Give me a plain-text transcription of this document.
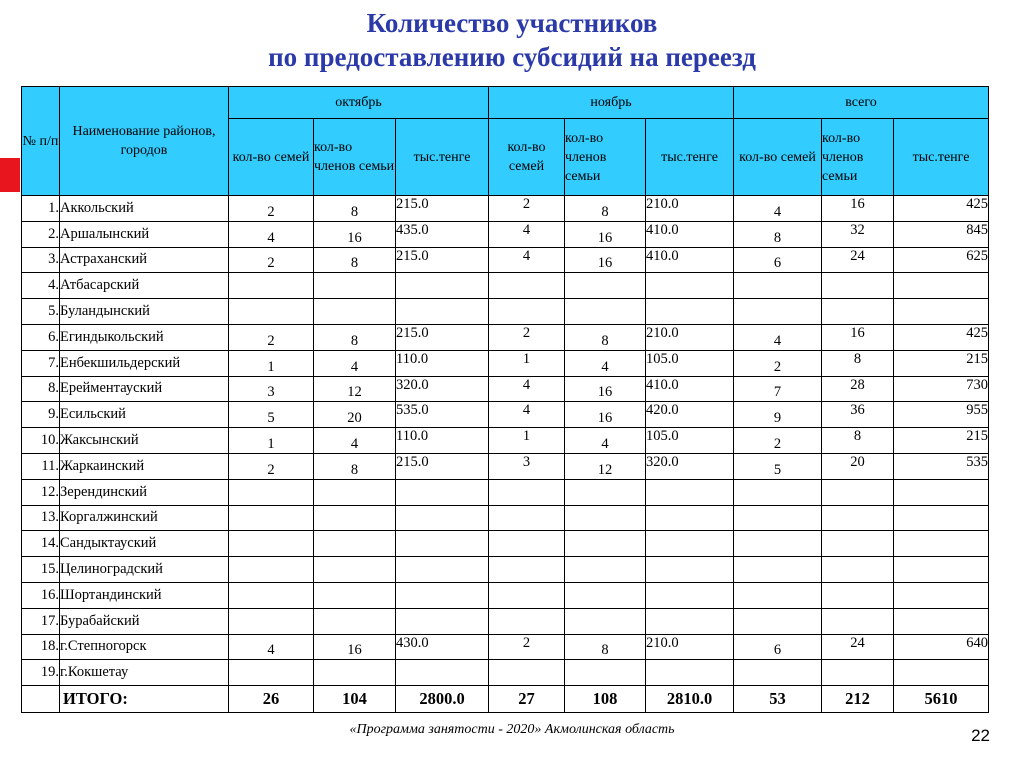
Количество участников
по предоставлению субсидий на переезд
№ п/п	Наименование районов, городов	октябрь			ноябрь			всего		
		кол-во семей	кол-во членов семьи	тыс.тенге	кол-во семей	кол-во членов семьи	тыс.тенге	кол-во семей	кол-во членов семьи	тыс.тенге
1.	Аккольский	2	8	215.0	2	8	210.0	4	16	425
2.	Аршалынский	4	16	435.0	4	16	410.0	8	32	845
3.	Астраханский	2	8	215.0	4	16	410.0	6	24	625
4.	Атбасарский									
5.	Буландынский									
6.	Егиндыкольский	2	8	215.0	2	8	210.0	4	16	425
7.	Енбекшильдерский	1	4	110.0	1	4	105.0	2	8	215
8.	Ерейментауский	3	12	320.0	4	16	410.0	7	28	730
9.	Есильский	5	20	535.0	4	16	420.0	9	36	955
10.	Жаксынский	1	4	110.0	1	4	105.0	2	8	215
11.	Жаркаинский	2	8	215.0	3	12	320.0	5	20	535
12.	Зерендинский									
13.	Коргалжинский									
14.	Сандыктауский									
15.	Целиноградский									
16.	Шортандинский									
17.	Бурабайский									
18.	г.Степногорск	4	16	430.0	2	8	210.0	6	24	640
19.	г.Кокшетау									
	ИТОГО:	26	104	2800.0	27	108	2810.0	53	212	5610
«Программа занятости - 2020» Акмолинская область	22
